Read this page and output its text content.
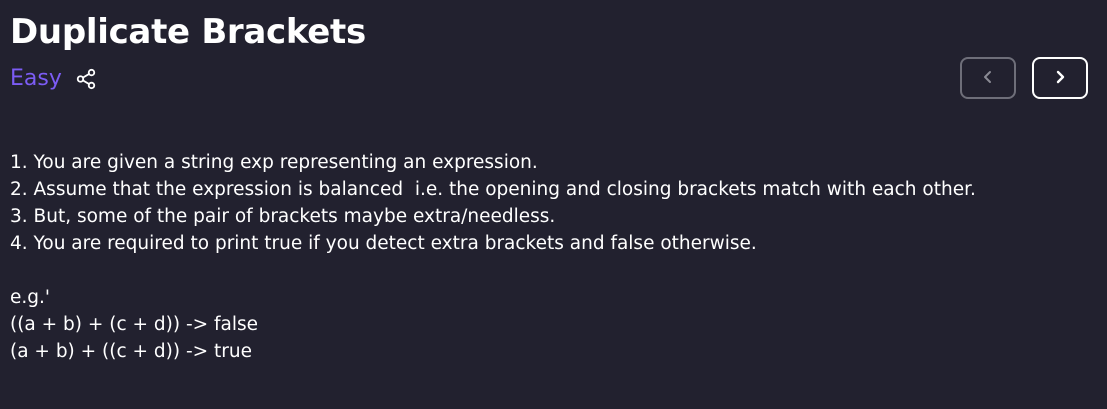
Duplicate Brackets
Easy

1. You are given a string exp representing an expression.

2. Assume that the expression is balanced  i.e. the opening and closing brackets match with each other.

3. But, some of the pair of brackets maybe extra/needless.

4. You are required to print true if you detect extra brackets and false otherwise.

e.g.'

((a + b) + (c + d)) -> false

(a + b) + ((c + d)) -> true
